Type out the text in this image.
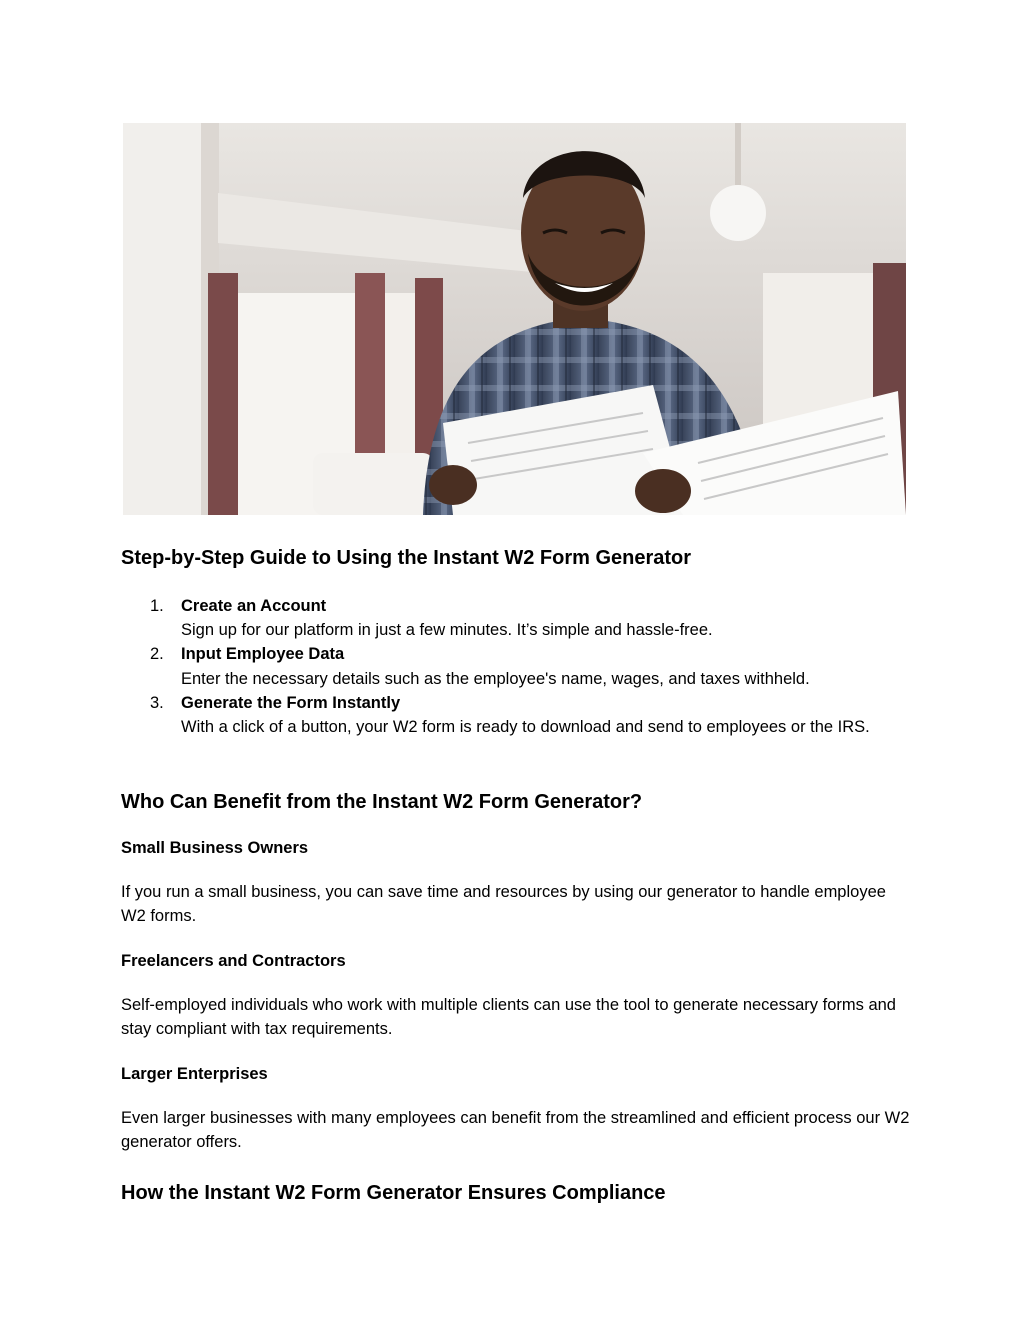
Step-by-Step Guide to Using the Instant W2 Form Generator
1. Create an Account
Sign up for our platform in just a few minutes. It’s simple and hassle-free.
2. Input Employee Data
Enter the necessary details such as the employee's name, wages, and taxes withheld.
3. Generate the Form Instantly
With a click of a button, your W2 form is ready to download and send to employees or the IRS.
Who Can Benefit from the Instant W2 Form Generator?
Small Business Owners

If you run a small business, you can save time and resources by using our generator to handle employee W2 forms.

Freelancers and Contractors

Self-employed individuals who work with multiple clients can use the tool to generate necessary forms and stay compliant with tax requirements.

Larger Enterprises

Even larger businesses with many employees can benefit from the streamlined and efficient process our W2 generator offers.

How the Instant W2 Form Generator Ensures Compliance
